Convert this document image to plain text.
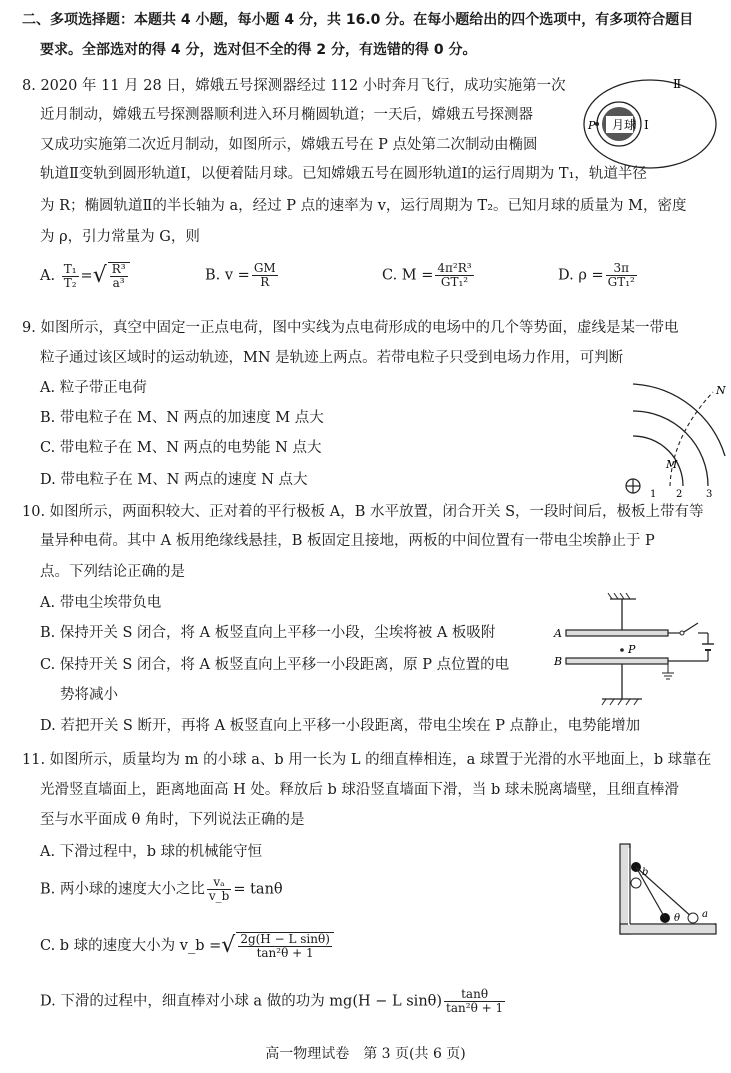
二、多项选择题：本题共 4 小题，每小题 4 分，共 16.0 分。在每小题给出的四个选项中，有多项符合题目
要求。全部选对的得 4 分，选对但不全的得 2 分，有选错的得 0 分。
8. 2020 年 11 月 28 日，嫦娥五号探测器经过 112 小时奔月飞行，成功实施第一次
近月制动，嫦娥五号探测器顺利进入环月椭圆轨道；一天后，嫦娥五号探测器
又成功实施第二次近月制动，如图所示，嫦娥五号在 P 点处第二次制动由椭圆
轨道Ⅱ变轨到圆形轨道Ⅰ，以便着陆月球。已知嫦娥五号在圆形轨道Ⅰ的运行周期为 T₁，轨道半径
为 R；椭圆轨道Ⅱ的半长轴为 a，经过 P 点的速率为 v，运行周期为 T₂。已知月球的质量为 M，密度
为 ρ，引力常量为 G，则
月球
P	Ⅰ
Ⅱ
A. $\frac{\text{T₁}}{\text{T₂}}$ =√ $\frac{\text{R³}}{\text{a³}}$	B. $v = \frac{GM}{R}$	C. $M = \frac{\text{4π²R³}}{\text{GT₁²}}$	D. $\rho = \frac{3\pi}{\text{GT₁²}}$
9. 如图所示，真空中固定一正点电荷，图中实线为点电荷形成的电场中的几个等势面，虚线是某一带电
粒子通过该区域时的运动轨迹，MN 是轨迹上两点。若带电粒子只受到电场力作用，可判断
A. 粒子带正电荷
B. 带电粒子在 M、N 两点的加速度 M 点大
C. 带电粒子在 M、N 两点的电势能 N 点大
D. 带电粒子在 M、N 两点的速度 N 点大
N
M
1 2 3
10. 如图所示，两面积较大、正对着的平行极板 A，B 水平放置，闭合开关 S，一段时间后，极板上带有等
量异种电荷。其中 A 板用绝缘线悬挂，B 板固定且接地，两板的中间位置有一带电尘埃静止于 P
点。下列结论正确的是
A. 带电尘埃带负电
B. 保持开关 S 闭合，将 A 板竖直向上平移一小段，尘埃将被 A 板吸附
C. 保持开关 S 闭合，将 A 板竖直向上平移一小段距离，原 P 点位置的电
势将减小
D. 若把开关 S 断开，再将 A 板竖直向上平移一小段距离，带电尘埃在 P 点静止，电势能增加
A
B
P
11. 如图所示，质量均为 m 的小球 a、b 用一长为 L 的细直棒相连，a 球置于光滑的水平地面上，b 球靠在
光滑竖直墙面上，距离地面高 H 处。释放后 b 球沿竖直墙面下滑，当 b 球未脱离墙壁，且细直棒滑
至与水平面成 θ 角时，下列说法正确的是
A. 下滑过程中，b 球的机械能守恒
B. 两小球的速度大小之比 $\frac{\text{vₐ}}{v\_b} = \tan\theta$
C. b 球的速度大小为 v_b =√ $\frac{\text{2g(H − L sinθ)}}{\text{tan²θ + 1}}$
D. 下滑的过程中，细直棒对小球 a 做的功为 mg(H − L $\sin\theta) \frac{\tan\theta}{\text{tan²θ + 1}}$
b
a
θ
高一物理试卷　第 3 页(共 6 页)
